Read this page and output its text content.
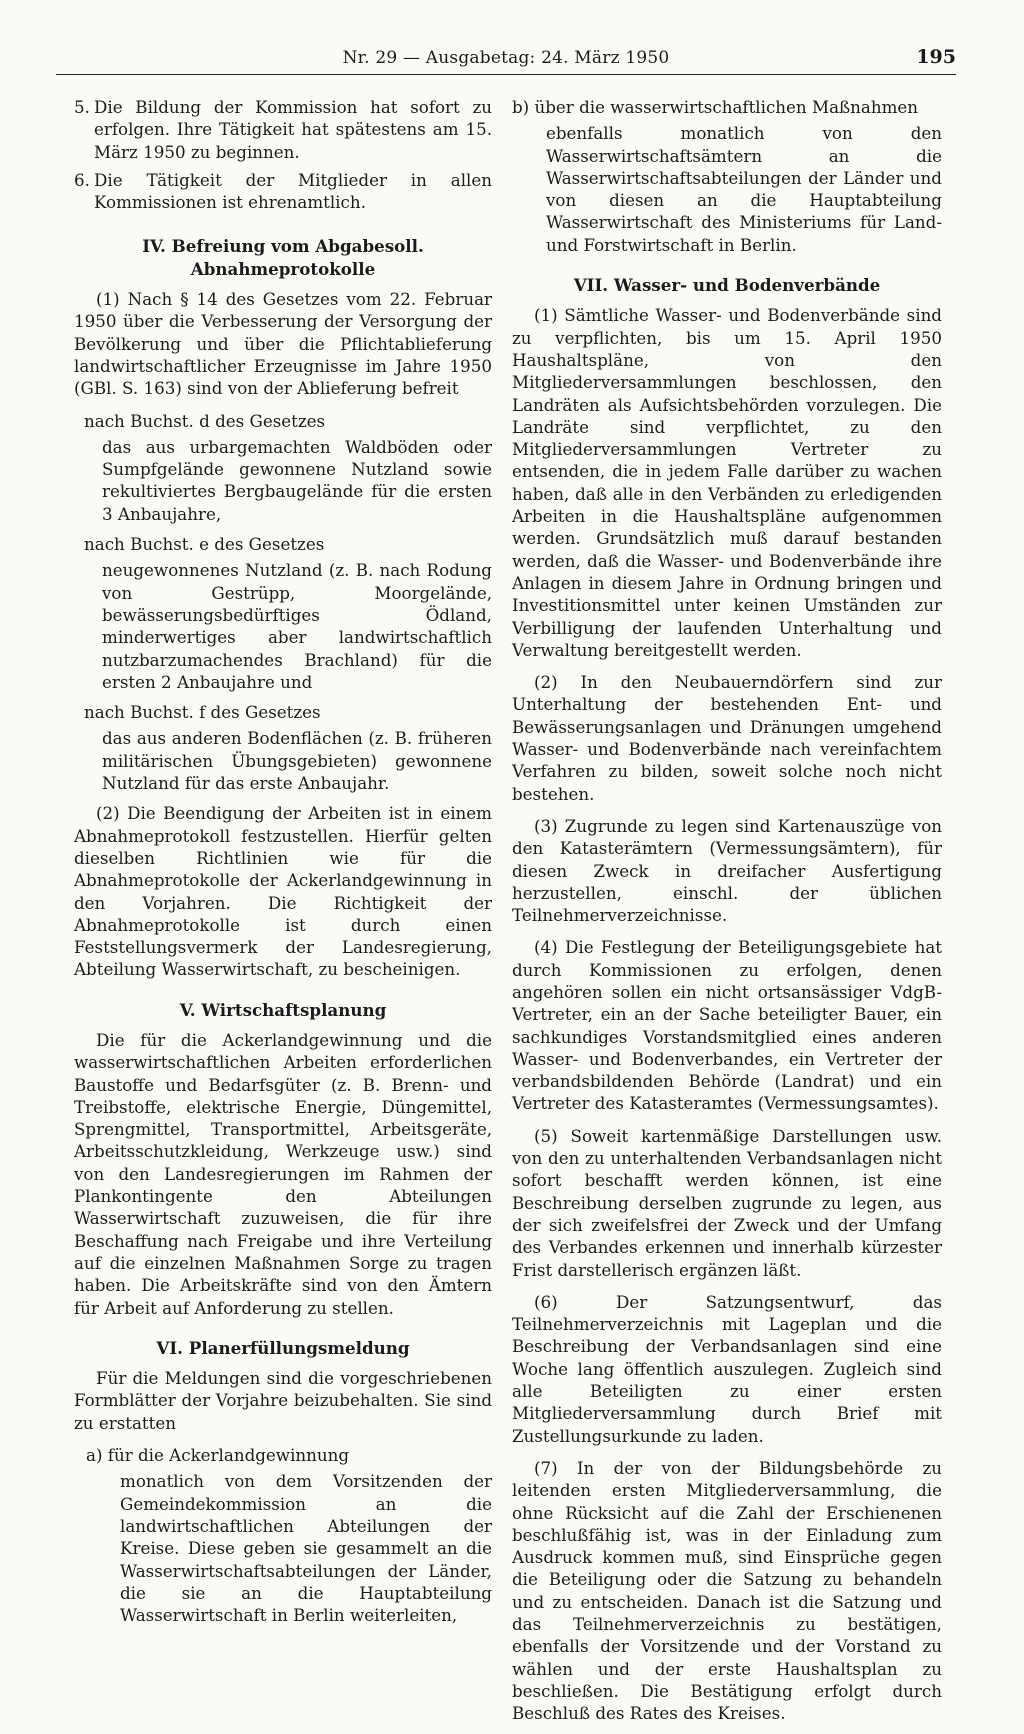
Nr. 29 — Ausgabetag: 24. März 1950	195
5. Die Bildung der Kommission hat sofort zu erfolgen. Ihre Tätigkeit hat spätestens am 15. März 1950 zu beginnen.
6. Die Tätigkeit der Mitglieder in allen Kommissionen ist ehrenamtlich.
IV. Befreiung vom Abgabesoll.
Abnahmeprotokolle

(1) Nach § 14 des Gesetzes vom 22. Februar 1950 über die Verbesserung der Versorgung der Bevölkerung und über die Pflichtablieferung landwirtschaftlicher Erzeugnisse im Jahre 1950 (GBl. S. 163) sind von der Ablieferung befreit

nach Buchst. d des Gesetzes
das aus urbargemachten Waldböden oder Sumpfgelände gewonnene Nutzland sowie rekultiviertes Bergbaugelände für die ersten 3 Anbaujahre,
nach Buchst. e des Gesetzes
neugewonnenes Nutzland (z. B. nach Rodung von Gestrüpp, Moorgelände, bewässerungsbedürftiges Ödland, minderwertiges aber landwirtschaftlich nutzbarzumachendes Brachland) für die ersten 2 Anbaujahre und
nach Buchst. f des Gesetzes
das aus anderen Bodenflächen (z. B. früheren militärischen Übungsgebieten) gewonnene Nutzland für das erste Anbaujahr.

(2) Die Beendigung der Arbeiten ist in einem Abnahmeprotokoll festzustellen. Hierfür gelten dieselben Richtlinien wie für die Abnahmeprotokolle der Ackerlandgewinnung in den Vorjahren. Die Richtigkeit der Abnahmeprotokolle ist durch einen Feststellungsvermerk der Landesregierung, Abteilung Wasserwirtschaft, zu bescheinigen.

V. Wirtschaftsplanung

Die für die Ackerlandgewinnung und die wasserwirtschaftlichen Arbeiten erforderlichen Baustoffe und Bedarfsgüter (z. B. Brenn- und Treibstoffe, elektrische Energie, Düngemittel, Sprengmittel, Transportmittel, Arbeitsgeräte, Arbeitsschutzkleidung, Werkzeuge usw.) sind von den Landesregierungen im Rahmen der Plankontingente den Abteilungen Wasserwirtschaft zuzuweisen, die für ihre Beschaffung nach Freigabe und ihre Verteilung auf die einzelnen Maßnahmen Sorge zu tragen haben. Die Arbeitskräfte sind von den Ämtern für Arbeit auf Anforderung zu stellen.

VI. Planerfüllungsmeldung

Für die Meldungen sind die vorgeschriebenen Formblätter der Vorjahre beizubehalten. Sie sind zu erstatten

a) für die Ackerlandgewinnung
monatlich von dem Vorsitzenden der Gemeindekommission an die landwirtschaftlichen Abteilungen der Kreise. Diese geben sie gesammelt an die Wasserwirtschaftsabteilungen der Länder, die sie an die Hauptabteilung Wasserwirtschaft in Berlin weiterleiten,
b) über die wasserwirtschaftlichen Maßnahmen
ebenfalls monatlich von den Wasserwirtschaftsämtern an die Wasserwirtschaftsabteilungen der Länder und von diesen an die Hauptabteilung Wasserwirtschaft des Ministeriums für Land- und Forstwirtschaft in Berlin.
VII. Wasser- und Bodenverbände

(1) Sämtliche Wasser- und Bodenverbände sind zu verpflichten, bis um 15. April 1950 Haushaltspläne, von den Mitgliederversammlungen beschlossen, den Landräten als Aufsichtsbehörden vorzulegen. Die Landräte sind verpflichtet, zu den Mitgliederversammlungen Vertreter zu entsenden, die in jedem Falle darüber zu wachen haben, daß alle in den Verbänden zu erledigenden Arbeiten in die Haushaltspläne aufgenommen werden. Grundsätzlich muß darauf bestanden werden, daß die Wasser- und Bodenverbände ihre Anlagen in diesem Jahre in Ordnung bringen und Investitionsmittel unter keinen Umständen zur Verbilligung der laufenden Unterhaltung und Verwaltung bereitgestellt werden.

(2) In den Neubauerndörfern sind zur Unterhaltung der bestehenden Ent- und Bewässerungsanlagen und Dränungen umgehend Wasser- und Bodenverbände nach vereinfachtem Verfahren zu bilden, soweit solche noch nicht bestehen.

(3) Zugrunde zu legen sind Kartenauszüge von den Katasterämtern (Vermessungsämtern), für diesen Zweck in dreifacher Ausfertigung herzustellen, einschl. der üblichen Teilnehmerverzeichnisse.

(4) Die Festlegung der Beteiligungsgebiete hat durch Kommissionen zu erfolgen, denen angehören sollen ein nicht ortsansässiger VdgB-Vertreter, ein an der Sache beteiligter Bauer, ein sachkundiges Vorstandsmitglied eines anderen Wasser- und Bodenverbandes, ein Vertreter der verbandsbildenden Behörde (Landrat) und ein Vertreter des Katasteramtes (Vermessungsamtes).

(5) Soweit kartenmäßige Darstellungen usw. von den zu unterhaltenden Verbandsanlagen nicht sofort beschafft werden können, ist eine Beschreibung derselben zugrunde zu legen, aus der sich zweifelsfrei der Zweck und der Umfang des Verbandes erkennen und innerhalb kürzester Frist darstellerisch ergänzen läßt.

(6) Der Satzungsentwurf, das Teilnehmerverzeichnis mit Lageplan und die Beschreibung der Verbandsanlagen sind eine Woche lang öffentlich auszulegen. Zugleich sind alle Beteiligten zu einer ersten Mitgliederversammlung durch Brief mit Zustellungsurkunde zu laden.

(7) In der von der Bildungsbehörde zu leitenden ersten Mitgliederversammlung, die ohne Rücksicht auf die Zahl der Erschienenen beschlußfähig ist, was in der Einladung zum Ausdruck kommen muß, sind Einsprüche gegen die Beteiligung oder die Satzung zu behandeln und zu entscheiden. Danach ist die Satzung und das Teilnehmerverzeichnis zu bestätigen, ebenfalls der Vorsitzende und der Vorstand zu wählen und der erste Haushaltsplan zu beschließen. Die Bestätigung erfolgt durch Beschluß des Rates des Kreises.
